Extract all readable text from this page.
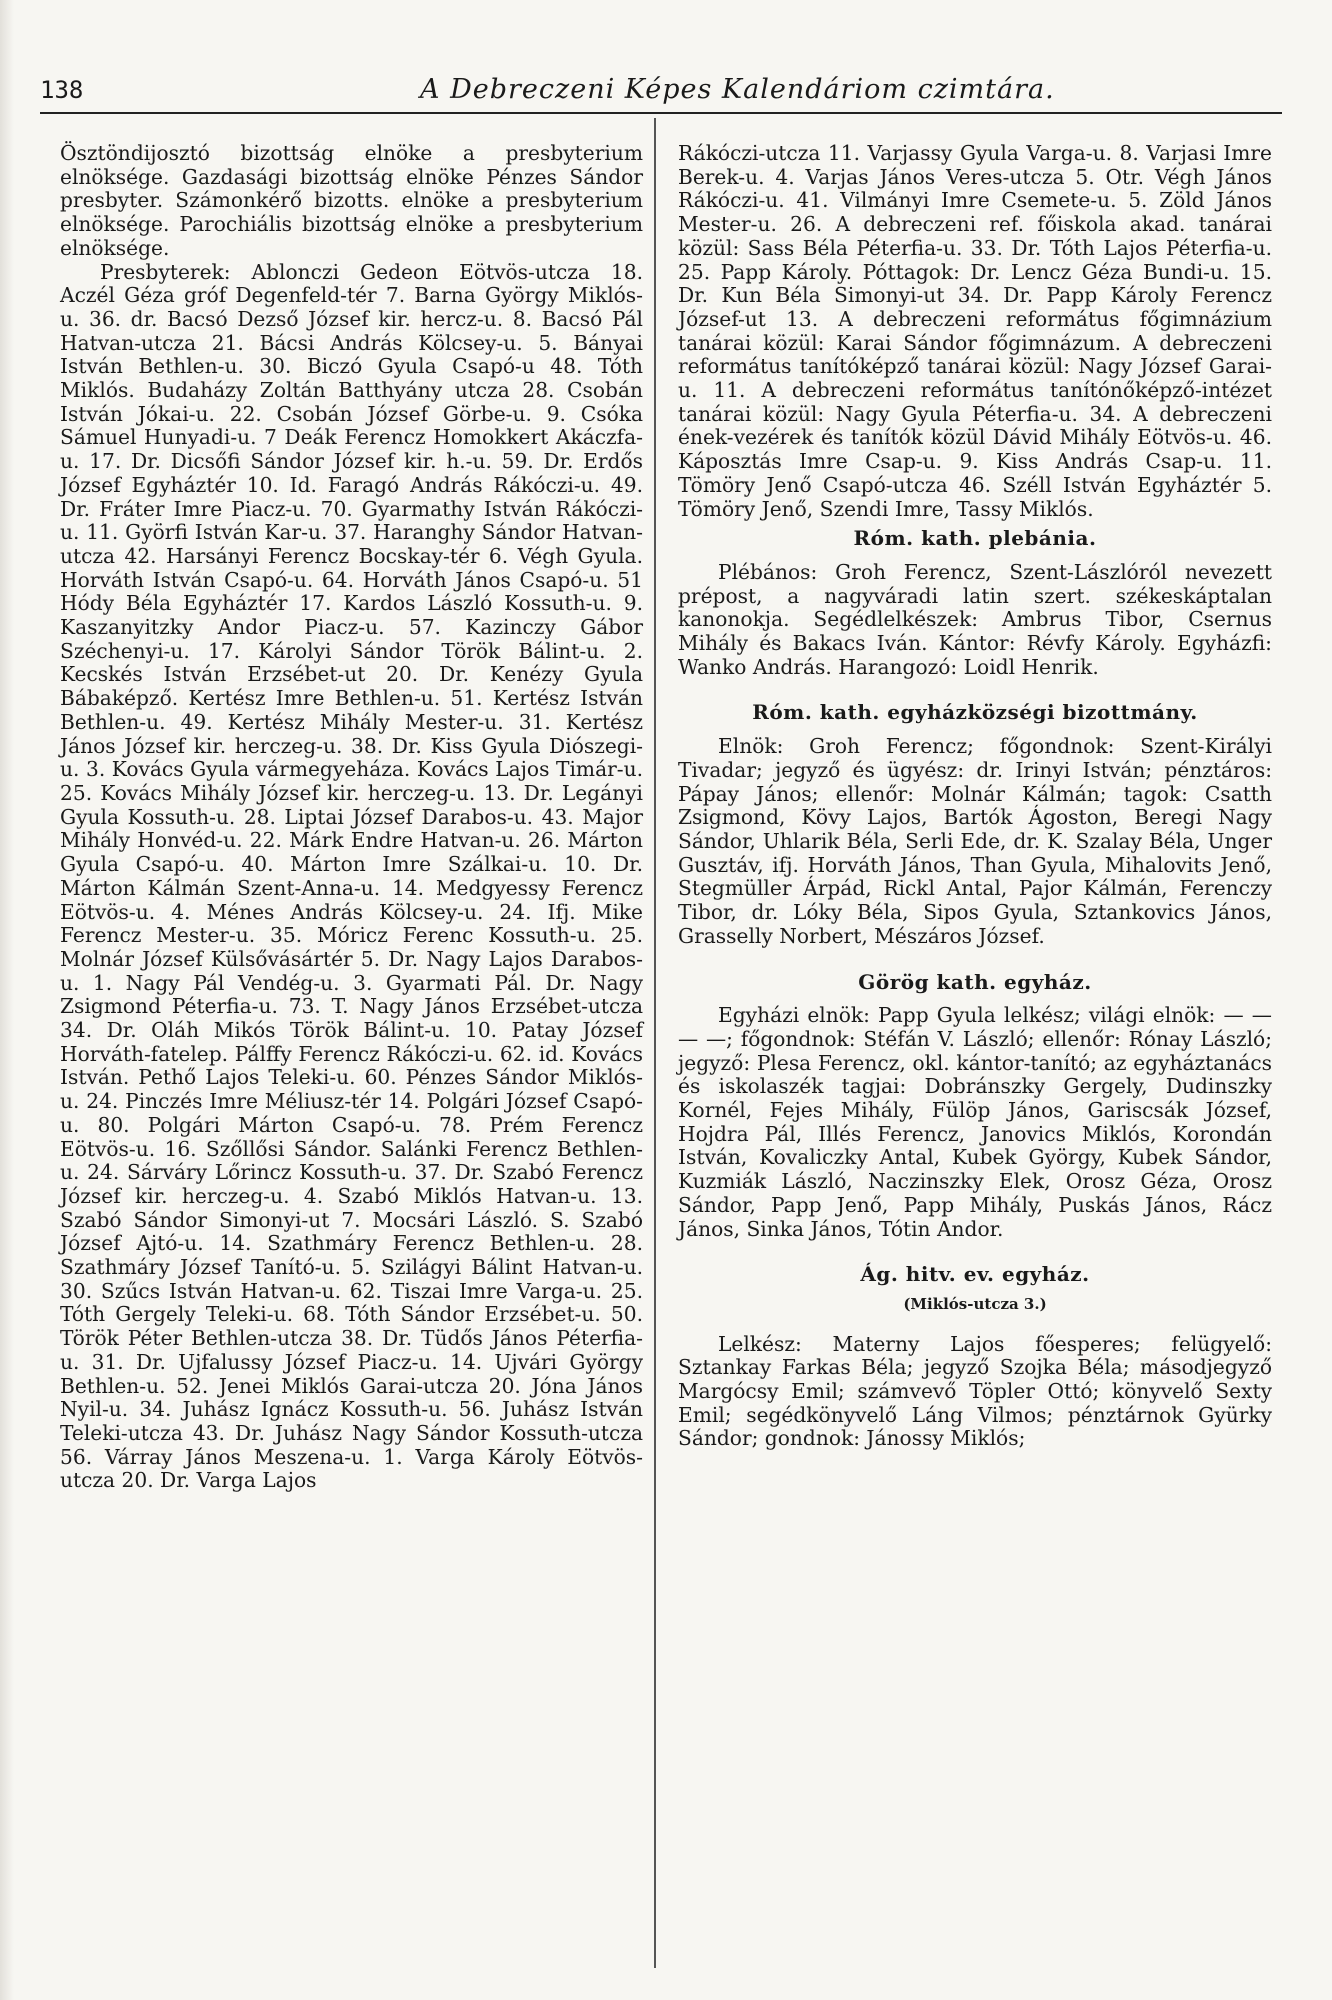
138	A Debreczeni Képes Kalendáriom czimtára.

Ösztöndijosztó bizottság elnöke a presbyterium elnöksége. Gazdasági bizottság elnöke Pénzes Sándor presbyter. Számonkérő bizotts. elnöke a presbyterium elnöksége. Parochiális bizottság elnöke a presbyterium elnöksége.

Presbyterek: Ablonczi Gedeon Eötvös-utcza 18. Aczél Géza gróf Degenfeld-tér 7. Barna György Miklós-u. 36. dr. Bacsó Dezső József kir. hercz-u. 8. Bacsó Pál Hatvan-utcza 21. Bácsi András Kölcsey-u. 5. Bányai István Bethlen-u. 30. Biczó Gyula Csapó-u 48. Tóth Miklós. Budaházy Zoltán Batthyány utcza 28. Csobán István Jókai-u. 22. Csobán József Görbe-u. 9. Csóka Sámuel Hunyadi-u. 7 Deák Ferencz Homokkert Akáczfa-u. 17. Dr. Dicsőfi Sándor József kir. h.-u. 59. Dr. Erdős József Egyháztér 10. Id. Faragó András Rákóczi-u. 49. Dr. Fráter Imre Piacz-u. 70. Gyarmathy István Rákóczi-u. 11. Györfi István Kar-u. 37. Haranghy Sándor Hatvan-utcza 42. Harsányi Ferencz Bocskay-tér 6. Végh Gyula. Horváth István Csapó-u. 64. Horváth János Csapó-u. 51 Hódy Béla Egyháztér 17. Kardos László Kossuth-u. 9. Kaszanyitzky Andor Piacz-u. 57. Kazinczy Gábor Széchenyi-u. 17. Károlyi Sándor Török Bálint-u. 2. Kecskés István Erzsébet-ut 20. Dr. Kenézy Gyula Bábaképző. Kertész Imre Bethlen-u. 51. Kertész István Bethlen-u. 49. Kertész Mihály Mester-u. 31. Kertész János József kir. herczeg-u. 38. Dr. Kiss Gyula Diószegi-u. 3. Kovács Gyula vármegyeháza. Kovács Lajos Timár-u. 25. Kovács Mihály József kir. herczeg-u. 13. Dr. Legányi Gyula Kossuth-u. 28. Liptai József Darabos-u. 43. Major Mihály Honvéd-u. 22. Márk Endre Hatvan-u. 26. Márton Gyula Csapó-u. 40. Márton Imre Szálkai-u. 10. Dr. Márton Kálmán Szent-Anna-u. 14. Medgyessy Ferencz Eötvös-u. 4. Ménes András Kölcsey-u. 24. Ifj. Mike Ferencz Mester-u. 35. Móricz Ferenc Kossuth-u. 25. Molnár József Külsővásártér 5. Dr. Nagy Lajos Darabos-u. 1. Nagy Pál Vendég-u. 3. Gyarmati Pál. Dr. Nagy Zsigmond Péterfia-u. 73. T. Nagy János Erzsébet-utcza 34. Dr. Oláh Mikós Török Bálint-u. 10. Patay József Horváth-fatelep. Pálffy Ferencz Rákóczi-u. 62. id. Kovács István. Pethő Lajos Teleki-u. 60. Pénzes Sándor Miklós-u. 24. Pinczés Imre Méliusz-tér 14. Polgári József Csapó-u. 80. Polgári Márton Csapó-u. 78. Prém Ferencz Eötvös-u. 16. Szőllősi Sándor. Salánki Ferencz Bethlen-u. 24. Sárváry Lőrincz Kossuth-u. 37. Dr. Szabó Ferencz József kir. herczeg-u. 4. Szabó Miklós Hatvan-u. 13. Szabó Sándor Simonyi-ut 7. Mocsári László. S. Szabó József Ajtó-u. 14. Szathmáry Ferencz Bethlen-u. 28. Szathmáry József Tanító-u. 5. Szilágyi Bálint Hatvan-u. 30. Szűcs István Hatvan-u. 62. Tiszai Imre Varga-u. 25. Tóth Gergely Teleki-u. 68. Tóth Sándor Erzsébet-u. 50. Török Péter Bethlen-utcza 38. Dr. Tüdős János Péterfia-u. 31. Dr. Ujfalussy József Piacz-u. 14. Ujvári György Bethlen-u. 52. Jenei Miklós Garai-utcza 20. Jóna János Nyil-u. 34. Juhász Ignácz Kossuth-u. 56. Juhász István Teleki-utcza 43. Dr. Juhász Nagy Sándor Kossuth-utcza 56. Várray János Meszena-u. 1. Varga Károly Eötvös-utcza 20. Dr. Varga Lajos

Rákóczi-utcza 11. Varjassy Gyula Varga-u. 8. Varjasi Imre Berek-u. 4. Varjas János Veres-utcza 5. Otr. Végh János Rákóczi-u. 41. Vilmányi Imre Csemete-u. 5. Zöld János Mester-u. 26. A debreczeni ref. főiskola akad. tanárai közül: Sass Béla Péterfia-u. 33. Dr. Tóth Lajos Péterfia-u. 25. Papp Károly. Póttagok: Dr. Lencz Géza Bundi-u. 15. Dr. Kun Béla Simonyi-ut 34. Dr. Papp Károly Ferencz József-ut 13. A debreczeni református főgimnázium tanárai közül: Karai Sándor főgimnázum. A debreczeni református tanítóképző tanárai közül: Nagy József Garai-u. 11. A debreczeni református tanítónőképző-intézet tanárai közül: Nagy Gyula Péterfia-u. 34. A debreczeni ének-vezérek és tanítók közül Dávid Mihály Eötvös-u. 46. Káposztás Imre Csap-u. 9. Kiss András Csap-u. 11. Tömöry Jenő Csapó-utcza 46. Széll István Egyháztér 5. Tömöry Jenő, Szendi Imre, Tassy Miklós.

Róm. kath. plebánia.

Plébános: Groh Ferencz, Szent-Lászlóról nevezett prépost, a nagyváradi latin szert. székeskáptalan kanonokja. Segédlelkészek: Ambrus Tibor, Csernus Mihály és Bakacs Iván. Kántor: Révfy Károly. Egyházfi: Wanko András. Harangozó: Loidl Henrik.

Róm. kath. egyházközségi bizottmány.

Elnök: Groh Ferencz; főgondnok: Szent-Királyi Tivadar; jegyző és ügyész: dr. Irinyi István; pénztáros: Pápay János; ellenőr: Molnár Kálmán; tagok: Csatth Zsigmond, Kövy Lajos, Bartók Ágoston, Beregi Nagy Sándor, Uhlarik Béla, Serli Ede, dr. K. Szalay Béla, Unger Gusztáv, ifj. Horváth János, Than Gyula, Mihalovits Jenő, Stegmüller Árpád, Rickl Antal, Pajor Kálmán, Ferenczy Tibor, dr. Lóky Béla, Sipos Gyula, Sztankovics János, Grasselly Norbert, Mészáros József.

Görög kath. egyház.

Egyházi elnök: Papp Gyula lelkész; világi elnök: — — — —; főgondnok: Stéfán V. László; ellenőr: Rónay László; jegyző: Plesa Ferencz, okl. kántor-tanító; az egyháztanács és iskolaszék tagjai: Dobránszky Gergely, Dudinszky Kornél, Fejes Mihály, Fülöp János, Gariscsák József, Hojdra Pál, Illés Ferencz, Janovics Miklós, Korondán István, Kovaliczky Antal, Kubek György, Kubek Sándor, Kuzmiák László, Naczinszky Elek, Orosz Géza, Orosz Sándor, Papp Jenő, Papp Mihály, Puskás János, Rácz János, Sinka János, Tótin Andor.

Ág. hitv. ev. egyház.
(Miklós-utcza 3.)

Lelkész: Materny Lajos főesperes; felügyelő: Sztankay Farkas Béla; jegyző Szojka Béla; másodjegyző Margócsy Emil; számvevő Töpler Ottó; könyvelő Sexty Emil; segédkönyvelő Láng Vilmos; pénztárnok Gyürky Sándor; gondnok: Jánossy Miklós;
